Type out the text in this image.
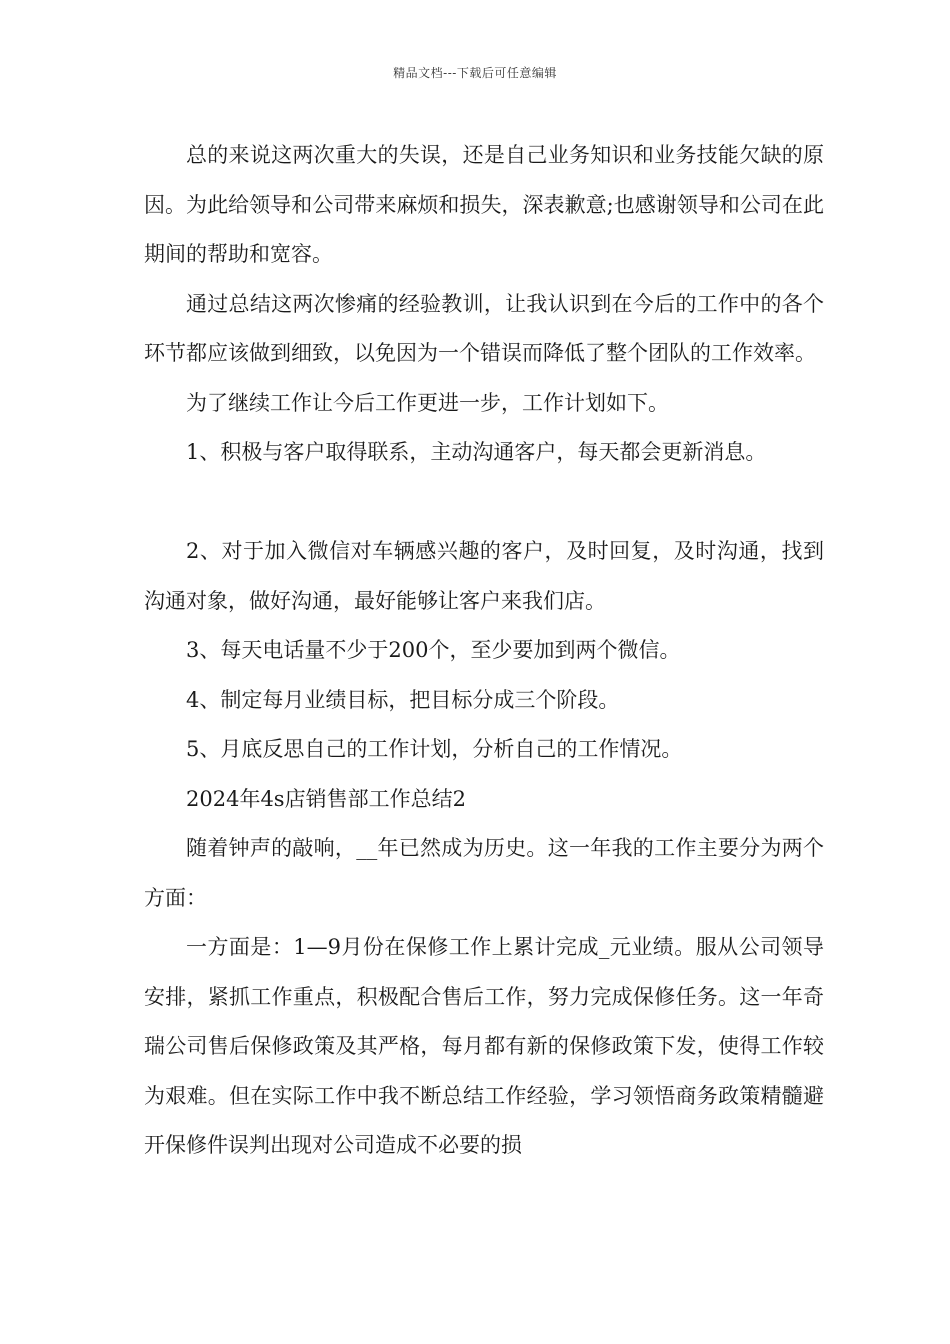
精品文档---下载后可任意编辑

总的来说这两次重大的失误，还是自己业务知识和业务技能欠缺的原因。为此给领导和公司带来麻烦和损失，深表歉意;也感谢领导和公司在此期间的帮助和宽容。

通过总结这两次惨痛的经验教训，让我认识到在今后的工作中的各个环节都应该做到细致，以免因为一个错误而降低了整个团队的工作效率。

为了继续工作让今后工作更进一步，工作计划如下。

1、积极与客户取得联系，主动沟通客户，每天都会更新消息。

2、对于加入微信对车辆感兴趣的客户，及时回复，及时沟通，找到沟通对象，做好沟通，最好能够让客户来我们店。

3、每天电话量不少于200个，至少要加到两个微信。

4、制定每月业绩目标，把目标分成三个阶段。

5、月底反思自己的工作计划，分析自己的工作情况。

2024年4s店销售部工作总结2

随着钟声的敲响，__年已然成为历史。这一年我的工作主要分为两个方面：

一方面是：1—9月份在保修工作上累计完成_元业绩。服从公司领导安排，紧抓工作重点，积极配合售后工作，努力完成保修任务。这一年奇瑞公司售后保修政策及其严格，每月都有新的保修政策下发，使得工作较为艰难。但在实际工作中我不断总结工作经验，学习领悟商务政策精髓避开保修件误判出现对公司造成不必要的损
